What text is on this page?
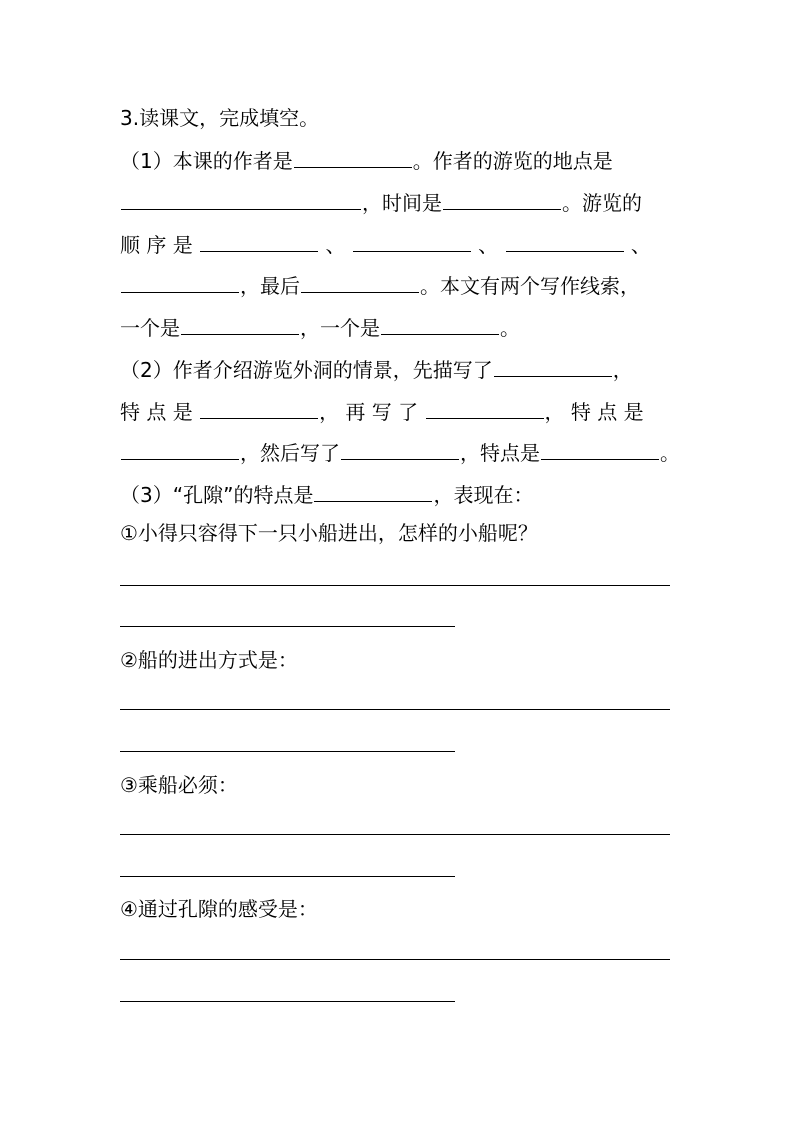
3.读课文，完成填空。
（1）本课的作者是	。作者的游览的地点是
，时间是	。游览的
顺 序 是	、	、	、
，最后	。本文有两个写作线索，
一个是	，一个是	。
（2）作者介绍游览外洞的情景，先描写了	，
特 点 是	， 再 写 了	， 特 点 是
，然后写了	，特点是	。
（3）“孔隙”的特点是	，表现在：
①小得只容得下一只小船进出，怎样的小船呢？
②船的进出方式是：
③乘船必须：
④通过孔隙的感受是：
